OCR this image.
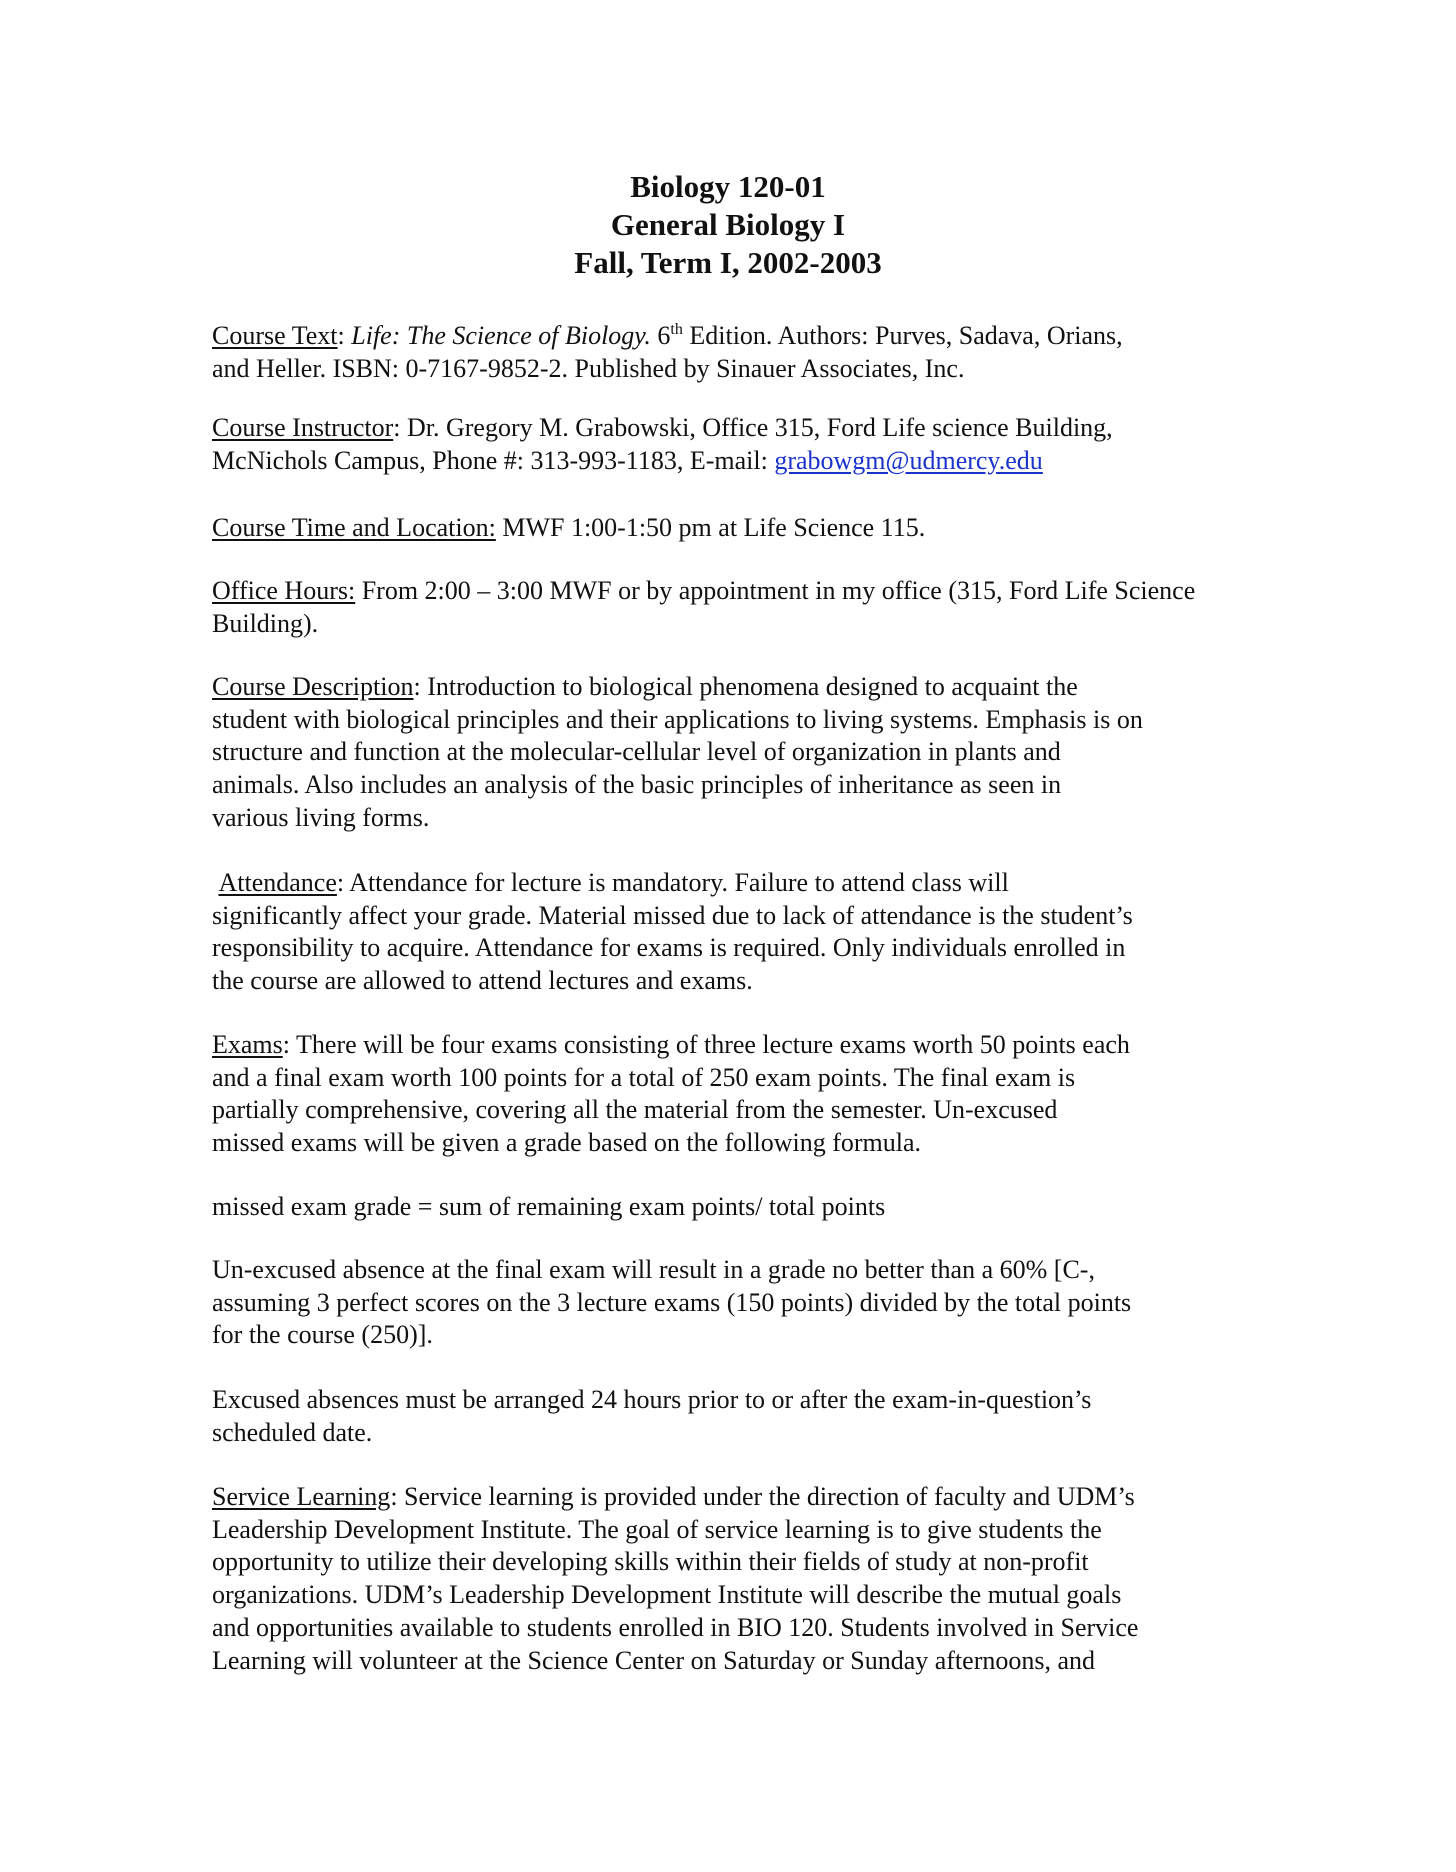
Biology 120-01
General Biology I
Fall, Term I, 2002-2003
Course Text: Life: The Science of Biology. 6th Edition. Authors: Purves, Sadava, Orians,
and Heller. ISBN: 0-7167-9852-2. Published by Sinauer Associates, Inc.
Course Instructor: Dr. Gregory M. Grabowski, Office 315, Ford Life science Building,
McNichols Campus, Phone #: 313-993-1183, E-mail: grabowgm@udmercy.edu
Course Time and Location: MWF 1:00-1:50 pm at Life Science 115.
Office Hours: From 2:00 – 3:00 MWF or by appointment in my office (315, Ford Life Science
Building).
Course Description: Introduction to biological phenomena designed to acquaint the
student with biological principles and their applications to living systems. Emphasis is on
structure and function at the molecular-cellular level of organization in plants and
animals. Also includes an analysis of the basic principles of inheritance as seen in
various living forms.
Attendance: Attendance for lecture is mandatory. Failure to attend class will
significantly affect your grade. Material missed due to lack of attendance is the student’s
responsibility to acquire. Attendance for exams is required. Only individuals enrolled in
the course are allowed to attend lectures and exams.
Exams: There will be four exams consisting of three lecture exams worth 50 points each
and a final exam worth 100 points for a total of 250 exam points. The final exam is
partially comprehensive, covering all the material from the semester. Un-excused
missed exams will be given a grade based on the following formula.
missed exam grade = sum of remaining exam points/ total points
Un-excused absence at the final exam will result in a grade no better than a 60% [C-,
assuming 3 perfect scores on the 3 lecture exams (150 points) divided by the total points
for the course (250)].
Excused absences must be arranged 24 hours prior to or after the exam-in-question’s
scheduled date.
Service Learning: Service learning is provided under the direction of faculty and UDM’s
Leadership Development Institute. The goal of service learning is to give students the
opportunity to utilize their developing skills within their fields of study at non-profit
organizations. UDM’s Leadership Development Institute will describe the mutual goals
and opportunities available to students enrolled in BIO 120. Students involved in Service
Learning will volunteer at the Science Center on Saturday or Sunday afternoons, and
